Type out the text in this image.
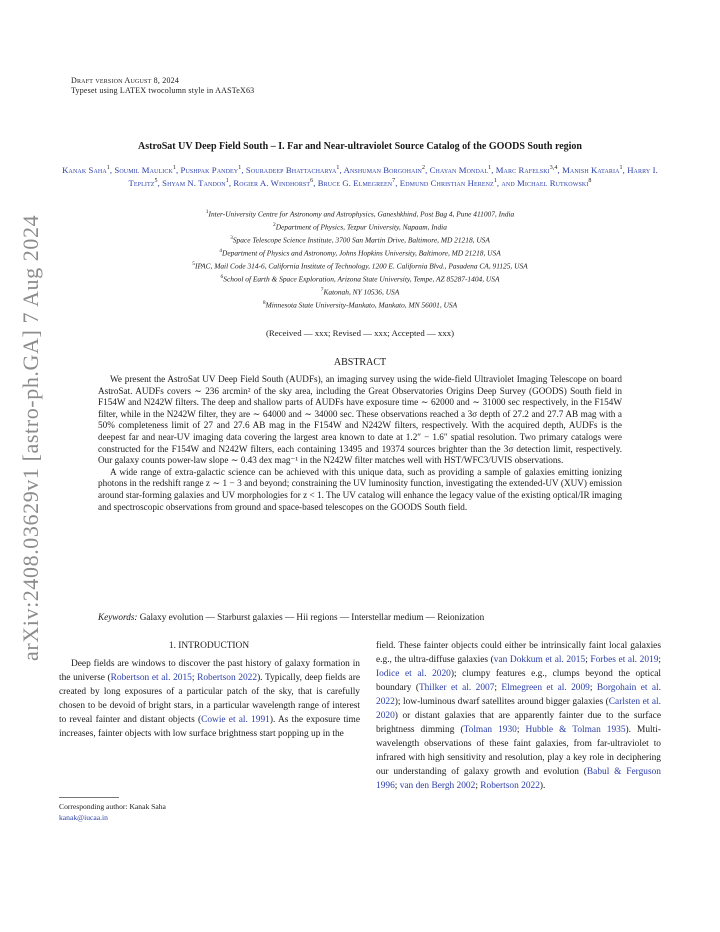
arXiv:2408.03629v1 [astro-ph.GA] 7 Aug 2024
Draft version August 8, 2024
Typeset using LATEX twocolumn style in AASTeX63
AstroSat UV Deep Field South – I. Far and Near-ultraviolet Source Catalog of the GOODS South region
Kanak Saha$^1$, Soumil Maulick$^1$, Pushpak Pandey$^1$, Souradeep Bhattacharya$^1$, Anshuman Borgohain$^2$, Chayan Mondal$^1$, Marc Rafelski$^{3,4}$, Manish Kataria$^1$, Harry I. Teplitz$^5$, Shyam N. Tandon$^1$, Rogier A. Windhorst$^6$, Bruce G. Elmegreen$^7$, Edmund Christian Herenz$^1$, and Michael Rutkowski$^8$
$^1$Inter-University Centre for Astronomy and Astrophysics, Ganeshkhind, Post Bag 4, Pune 411007, India
$^2$Department of Physics, Tezpur University, Napaam, India
$^3$Space Telescope Science Institute, 3700 San Martin Drive, Baltimore, MD 21218, USA
$^4$Department of Physics and Astronomy, Johns Hopkins University, Baltimore, MD 21218, USA
$^5$IPAC, Mail Code 314-6, California Institute of Technology, 1200 E. California Blvd., Pasadena CA, 91125, USA
$^6$School of Earth & Space Exploration, Arizona State University, Tempe, AZ 85287-1404, USA
$^7$Katonah, NY 10536, USA
$^8$Minnesota State University-Mankato, Mankato, MN 56001, USA
(Received — xxx; Revised — xxx; Accepted — xxx)
ABSTRACT

We present the AstroSat UV Deep Field South (AUDFs), an imaging survey using the wide-field Ultraviolet Imaging Telescope on board AstroSat. AUDFs covers ∼ 236 arcmin² of the sky area, including the Great Observatories Origins Deep Survey (GOODS) South field in F154W and N242W filters. The deep and shallow parts of AUDFs have exposure time ∼ 62000 and ∼ 31000 sec respectively, in the F154W filter, while in the N242W filter, they are ∼ 64000 and ∼ 34000 sec. These observations reached a 3σ depth of 27.2 and 27.7 AB mag with a 50% completeness limit of 27 and 27.6 AB mag in the F154W and N242W filters, respectively. With the acquired depth, AUDFs is the deepest far and near-UV imaging data covering the largest area known to date at 1.2″ − 1.6″ spatial resolution. Two primary catalogs were constructed for the F154W and N242W filters, each containing 13495 and 19374 sources brighter than the 3σ detection limit, respectively. Our galaxy counts power-law slope ∼ 0.43 dex mag⁻¹ in the N242W filter matches well with HST/WFC3/UVIS observations.

A wide range of extra-galactic science can be achieved with this unique data, such as providing a sample of galaxies emitting ionizing photons in the redshift range z ∼ 1 − 3 and beyond; constraining the UV luminosity function, investigating the extended-UV (XUV) emission around star-forming galaxies and UV morphologies for z < 1. The UV catalog will enhance the legacy value of the existing optical/IR imaging and spectroscopic observations from ground and space-based telescopes on the GOODS South field.

Keywords: Galaxy evolution — Starburst galaxies — Hii regions — Interstellar medium — Reionization
1. INTRODUCTION

Deep fields are windows to discover the past history of galaxy formation in the universe (Robertson et al. 2015; Robertson 2022). Typically, deep fields are created by long exposures of a particular patch of the sky, that is carefully chosen to be devoid of bright stars, in a particular wavelength range of interest to reveal fainter and distant objects (Cowie et al. 1991). As the exposure time increases, fainter objects with low surface brightness start popping up in the

field. These fainter objects could either be intrinsically faint local galaxies e.g., the ultra-diffuse galaxies (van Dokkum et al. 2015; Forbes et al. 2019; Iodice et al. 2020); clumpy features e.g., clumps beyond the optical boundary (Thilker et al. 2007; Elmegreen et al. 2009; Borgohain et al. 2022); low-luminous dwarf satellites around bigger galaxies (Carlsten et al. 2020) or distant galaxies that are apparently fainter due to the surface brightness dimming (Tolman 1930; Hubble & Tolman 1935). Multi-wavelength observations of these faint galaxies, from far-ultraviolet to infrared with high sensitivity and resolution, play a key role in deciphering our understanding of galaxy growth and evolution (Babul & Ferguson 1996; van den Bergh 2002; Robertson 2022).

Corresponding author: Kanak Saha
kanak@iucaa.in
